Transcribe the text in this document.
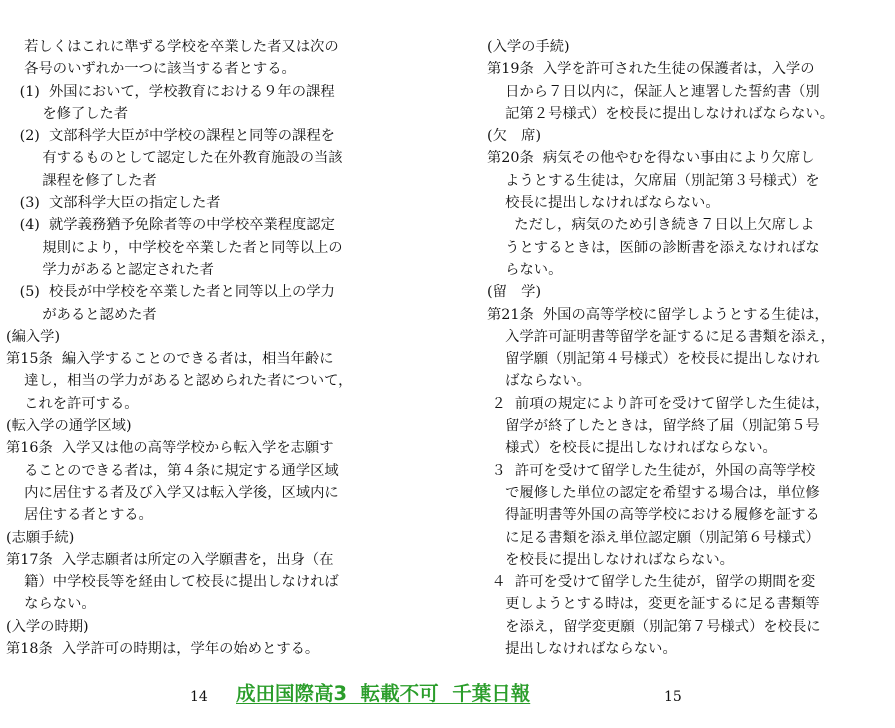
若しくはこれに準ずる学校を卒業した者又は次の
各号のいずれか一つに該当する者とする。
(1)  外国において，学校教育における９年の課程
を修了した者
(2)  文部科学大臣が中学校の課程と同等の課程を
有するものとして認定した在外教育施設の当該
課程を修了した者
(3)  文部科学大臣の指定した者
(4)  就学義務猶予免除者等の中学校卒業程度認定
規則により，中学校を卒業した者と同等以上の
学力があると認定された者
(5)  校長が中学校を卒業した者と同等以上の学力
があると認めた者
(編入学)
第15条  編入学することのできる者は，相当年齢に
達し，相当の学力があると認められた者について，
これを許可する。
(転入学の通学区域)
第16条  入学又は他の高等学校から転入学を志願す
ることのできる者は，第４条に規定する通学区域
内に居住する者及び入学又は転入学後，区域内に
居住する者とする。
(志願手続)
第17条  入学志願者は所定の入学願書を，出身（在
籍）中学校長等を経由して校長に提出しなければ
ならない。
(入学の時期)
第18条  入学許可の時期は，学年の始めとする。
(入学の手続)
第19条  入学を許可された生徒の保護者は，入学の
日から７日以内に，保証人と連署した誓約書（別
記第２号様式）を校長に提出しなければならない。
(欠　席)
第20条  病気その他やむを得ない事由により欠席し
ようとする生徒は，欠席届（別記第３号様式）を
校長に提出しなければならない。
ただし，病気のため引き続き７日以上欠席しよ
うとするときは，医師の診断書を添えなければな
らない。
(留　学)
第21条  外国の高等学校に留学しようとする生徒は，
入学許可証明書等留学を証するに足る書類を添え，
留学願（別記第４号様式）を校長に提出しなけれ
ばならない。
２  前項の規定により許可を受けて留学した生徒は，
留学が終了したときは，留学終了届（別記第５号
様式）を校長に提出しなければならない。
３  許可を受けて留学した生徒が，外国の高等学校
で履修した単位の認定を希望する場合は，単位修
得証明書等外国の高等学校における履修を証する
に足る書類を添え単位認定願（別記第６号様式）
を校長に提出しなければならない。
４  許可を受けて留学した生徒が，留学の期間を変
更しようとする時は，変更を証するに足る書類等
を添え，留学変更願（別記第７号様式）を校長に
提出しなければならない。
14	15
成田国際高3  転載不可  千葉日報
